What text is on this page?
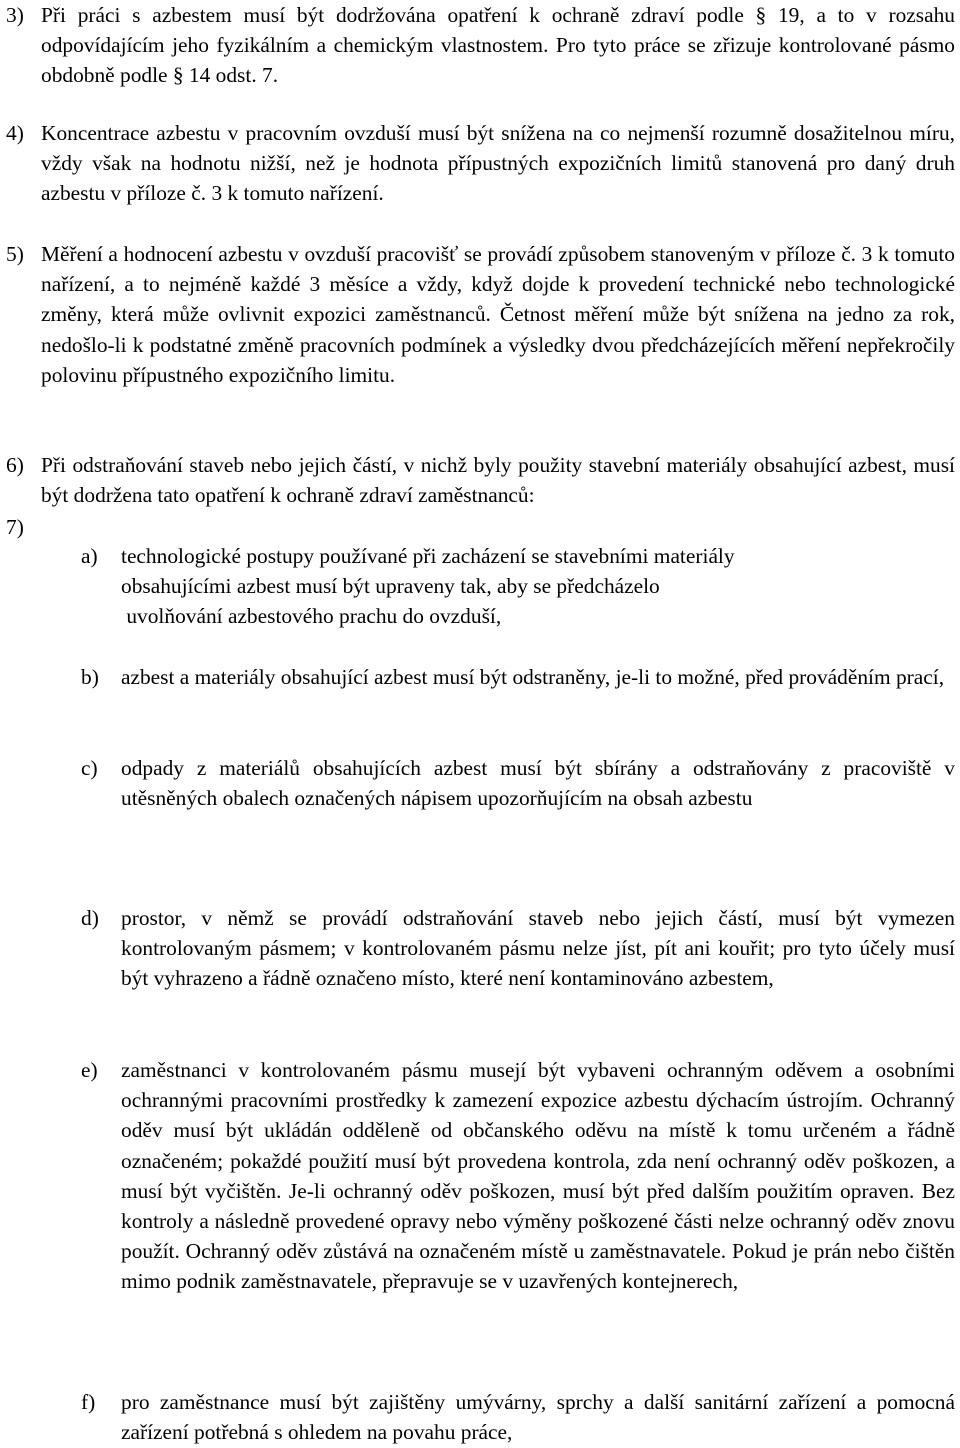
3) Při práci s azbestem musí být dodržována opatření k ochraně zdraví podle § 19, a to v rozsahu odpovídajícím jeho fyzikálním a chemickým vlastnostem. Pro tyto práce se zřizuje kontrolované pásmo obdobně podle § 14 odst. 7.
4) Koncentrace azbestu v pracovním ovzduší musí být snížena na co nejmenší rozumně dosažitelnou míru, vždy však na hodnotu nižší, než je hodnota přípustných expozičních limitů stanovená pro daný druh azbestu v příloze č. 3 k tomuto nařízení.
5) Měření a hodnocení azbestu v ovzduší pracovišť se provádí způsobem stanoveným v příloze č. 3 k tomuto nařízení, a to nejméně každé 3 měsíce a vždy, když dojde k provedení technické nebo technologické změny, která může ovlivnit expozici zaměstnanců. Četnost měření může být snížena na jedno za rok, nedošlo-li k podstatné změně pracovních podmínek a výsledky dvou předcházejících měření nepřekročily polovinu přípustného expozičního limitu.
6) Při odstraňování staveb nebo jejich částí, v nichž byly použity stavební materiály obsahující azbest, musí být dodržena tato opatření k ochraně zdraví zaměstnanců:
7)
a) technologické postupy používané při zacházení se stavebními materiály
obsahujícími azbest musí být upraveny tak, aby se předcházelo
uvolňování azbestového prachu do ovzduší,
b) azbest a materiály obsahující azbest musí být odstraněny, je-li to možné, před prováděním prací,
c) odpady z materiálů obsahujících azbest musí být sbírány a odstraňovány z pracoviště v utěsněných obalech označených nápisem upozorňujícím na obsah azbestu
d) prostor, v němž se provádí odstraňování staveb nebo jejich částí, musí být vymezen kontrolovaným pásmem; v kontrolovaném pásmu nelze jíst, pít ani kouřit; pro tyto účely musí být vyhrazeno a řádně označeno místo, které není kontaminováno azbestem,
e) zaměstnanci v kontrolovaném pásmu musejí být vybaveni ochranným oděvem a osobními ochrannými pracovními prostředky k zamezení expozice azbestu dýchacím ústrojím. Ochranný oděv musí být ukládán odděleně od občanského oděvu na místě k tomu určeném a řádně označeném; pokaždé použití musí být provedena kontrola, zda není ochranný oděv poškozen, a musí být vyčištěn. Je-li ochranný oděv poškozen, musí být před dalším použitím opraven. Bez kontroly a následně provedené opravy nebo výměny poškozené části nelze ochranný oděv znovu použít. Ochranný oděv zůstává na označeném místě u zaměstnavatele. Pokud je prán nebo čištěn mimo podnik zaměstnavatele, přepravuje se v uzavřených kontejnerech,
f) pro zaměstnance musí být zajištěny umývárny, sprchy a další sanitární zařízení a pomocná zařízení potřebná s ohledem na povahu práce,
